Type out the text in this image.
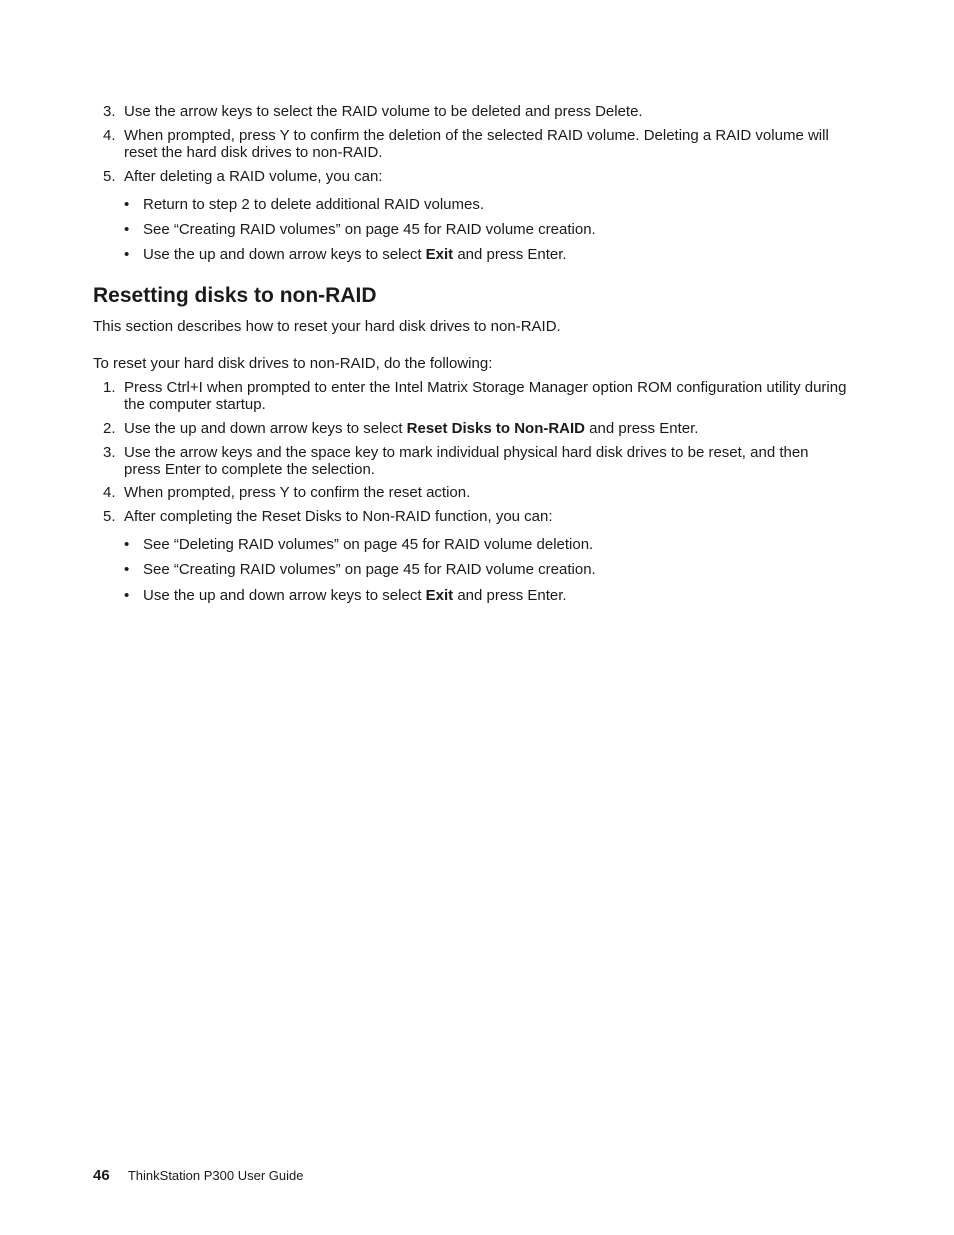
3. Use the arrow keys to select the RAID volume to be deleted and press Delete.
4. When prompted, press Y to confirm the deletion of the selected RAID volume. Deleting a RAID volume will reset the hard disk drives to non-RAID.
5. After deleting a RAID volume, you can:
• Return to step 2 to delete additional RAID volumes.
• See “Creating RAID volumes” on page 45 for RAID volume creation.
• Use the up and down arrow keys to select Exit and press Enter.
Resetting disks to non-RAID

This section describes how to reset your hard disk drives to non-RAID.

To reset your hard disk drives to non-RAID, do the following:

1. Press Ctrl+I when prompted to enter the Intel Matrix Storage Manager option ROM configuration utility during the computer startup.
2. Use the up and down arrow keys to select Reset Disks to Non-RAID and press Enter.
3. Use the arrow keys and the space key to mark individual physical hard disk drives to be reset, and then press Enter to complete the selection.
4. When prompted, press Y to confirm the reset action.
5. After completing the Reset Disks to Non-RAID function, you can:
• See “Deleting RAID volumes” on page 45 for RAID volume deletion.
• See “Creating RAID volumes” on page 45 for RAID volume creation.
• Use the up and down arrow keys to select Exit and press Enter.
46 ThinkStation P300 User Guide
